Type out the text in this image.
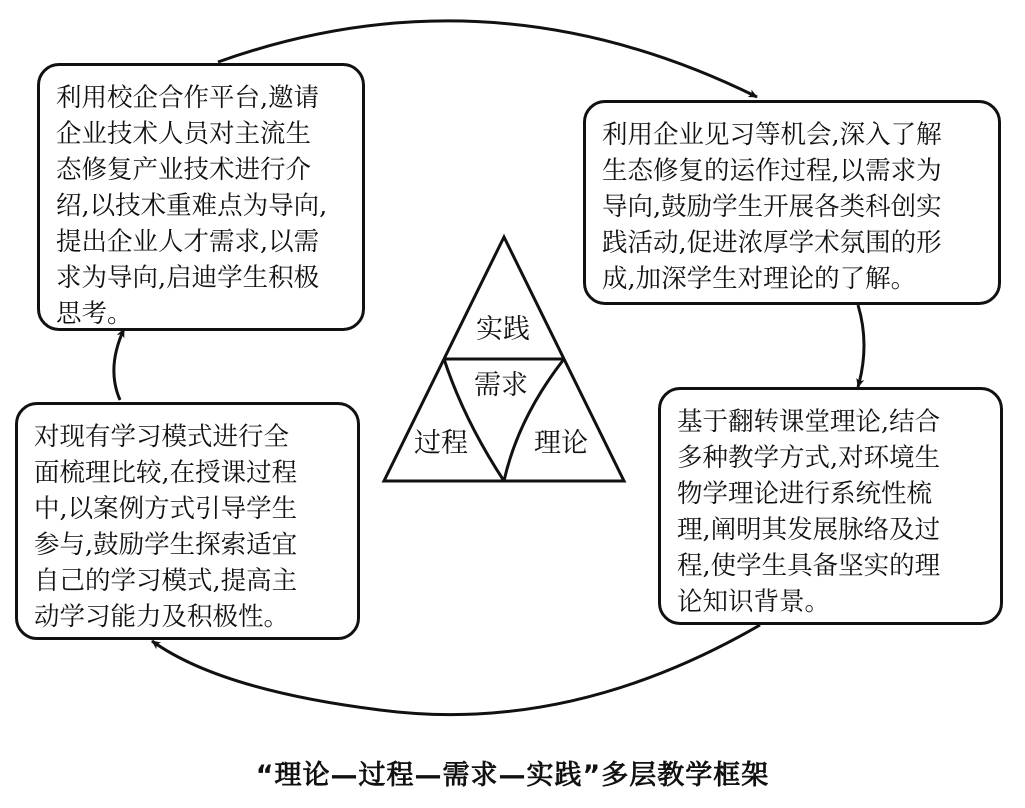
利用校企合作平台,邀请
企业技术人员对主流生
态修复产业技术进行介
绍,以技术重难点为导向,
提出企业人才需求,以需
求为导向,启迪学生积极
思考。
利用企业见习等机会,深入了解
生态修复的运作过程,以需求为
导向,鼓励学生开展各类科创实
践活动,促进浓厚学术氛围的形
成,加深学生对理论的了解。
基于翻转课堂理论,结合
多种教学方式,对环境生
物学理论进行系统性梳
理,阐明其发展脉络及过
程,使学生具备坚实的理
论知识背景。
对现有学习模式进行全
面梳理比较,在授课过程
中,以案例方式引导学生
参与,鼓励学生探索适宜
自己的学习模式,提高主
动学习能力及积极性。
实践
需求
过程 理论
“理论—过程—需求—实践”多层教学框架
